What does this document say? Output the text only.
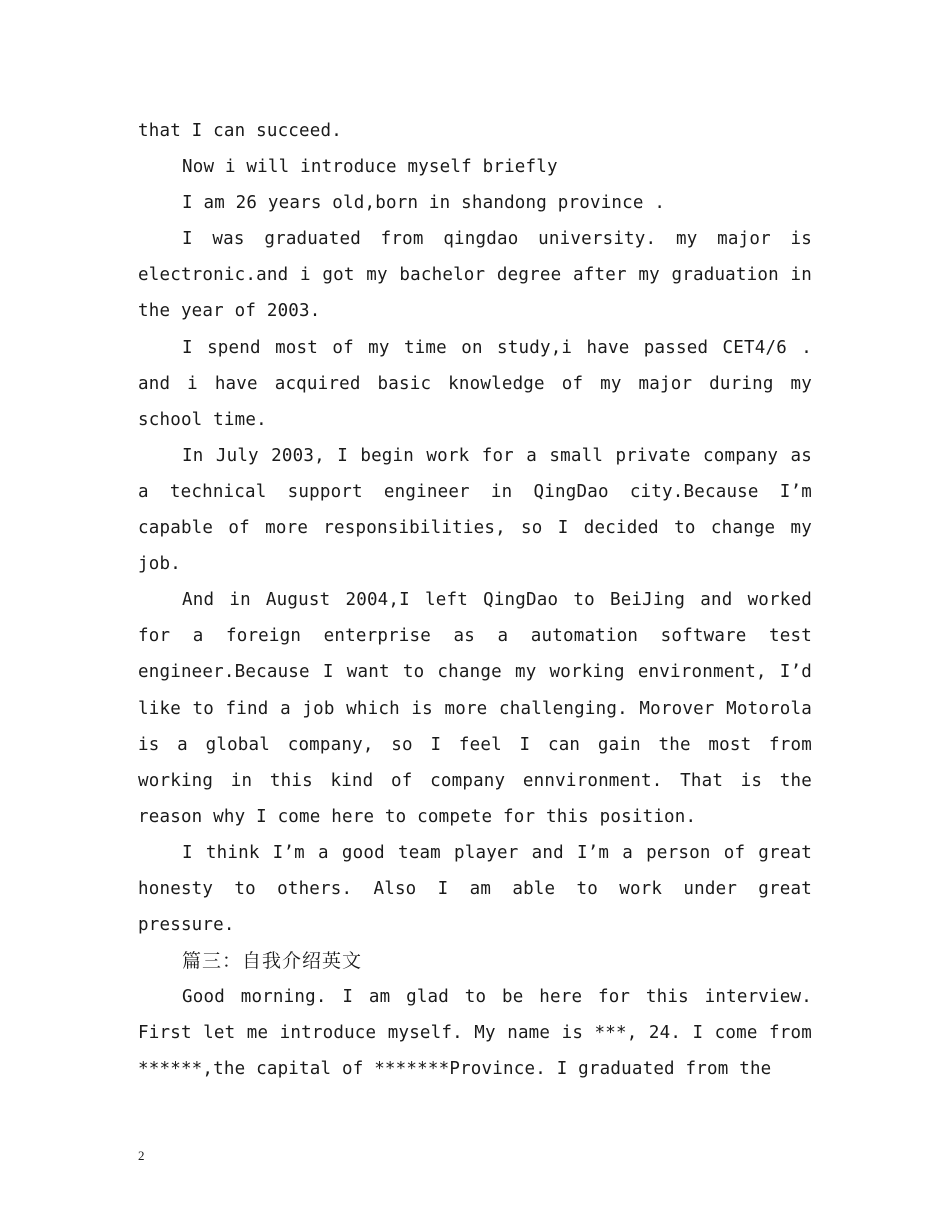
that I can succeed.

Now i will introduce myself briefly

I am 26 years old,born in shandong province .

I was graduated from qingdao university. my major is electronic.and i got my bachelor degree after my graduation in the year of 2003.

I spend most of my time on study,i have passed CET4/6 . and i have acquired basic knowledge of my major during my school time.

In July 2003, I begin work for a small private company as a technical support engineer in QingDao city.Because I’m capable of more responsibilities, so I decided to change my job.

And in August 2004,I left QingDao to BeiJing and worked for a foreign enterprise as a automation software test engineer.Because I want to change my working environment, I’d like to find a job which is more challenging. Morover Motorola is a global company, so I feel I can gain the most from working in this kind of company ennvironment. That is the reason why I come here to compete for this position.

I think I’m a good team player and I’m a person of great honesty to others. Also I am able to work under great pressure.

篇三：自我介绍英文

Good morning. I am glad to be here for this interview. First let me introduce myself. My name is ***, 24. I come from ******,the capital of *******Province. I graduated from the

2
